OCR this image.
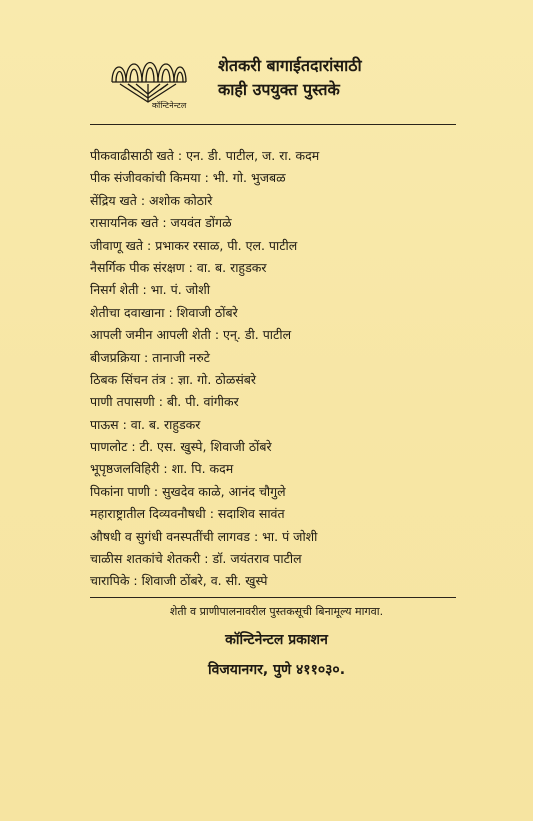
कॉन्टिनेन्टल
शेतकरी बागाईतदारांसाठी
काही उपयुक्त पुस्तके
पीकवाढीसाठी खते : एन. डी. पाटील, ज. रा. कदम
पीक संजीवकांची किमया : भी. गो. भुजबळ
सेंद्रिय खते : अशोक कोठारे
रासायनिक खते : जयवंत डोंगळे
जीवाणू खते : प्रभाकर रसाळ, पी. एल. पाटील
नैसर्गिक पीक संरक्षण : वा. ब. राहुडकर
निसर्ग शेती : भा. पं. जोशी
शेतीचा दवाखाना : शिवाजी ठोंबरे
आपली जमीन आपली शेती : एन्. डी. पाटील
बीजप्रक्रिया : तानाजी नरुटे
ठिबक सिंचन तंत्र : ज्ञा. गो. ठोळसंबरे
पाणी तपासणी : बी. पी. वांगीकर
पाऊस : वा. ब. राहुडकर
पाणलोट : टी. एस. खुस्पे, शिवाजी ठोंबरे
भूपृष्ठजलविहिरी : शा. पि. कदम
पिकांना पाणी : सुखदेव काळे, आनंद चौगुले
महाराष्ट्रातील दिव्यवनौषधी : सदाशिव सावंत
औषधी व सुगंधी वनस्पतींची लागवड : भा. पं जोशी
चाळीस शतकांचे शेतकरी : डॉ. जयंतराव पाटील
चारापिके : शिवाजी ठोंबरे, व. सी. खुस्पे
शेती व प्राणीपालनावरील पुस्तकसूची बिनामूल्य मागवा.
कॉन्टिनेन्टल प्रकाशन
विजयानगर, पुणे ४११०३०.
